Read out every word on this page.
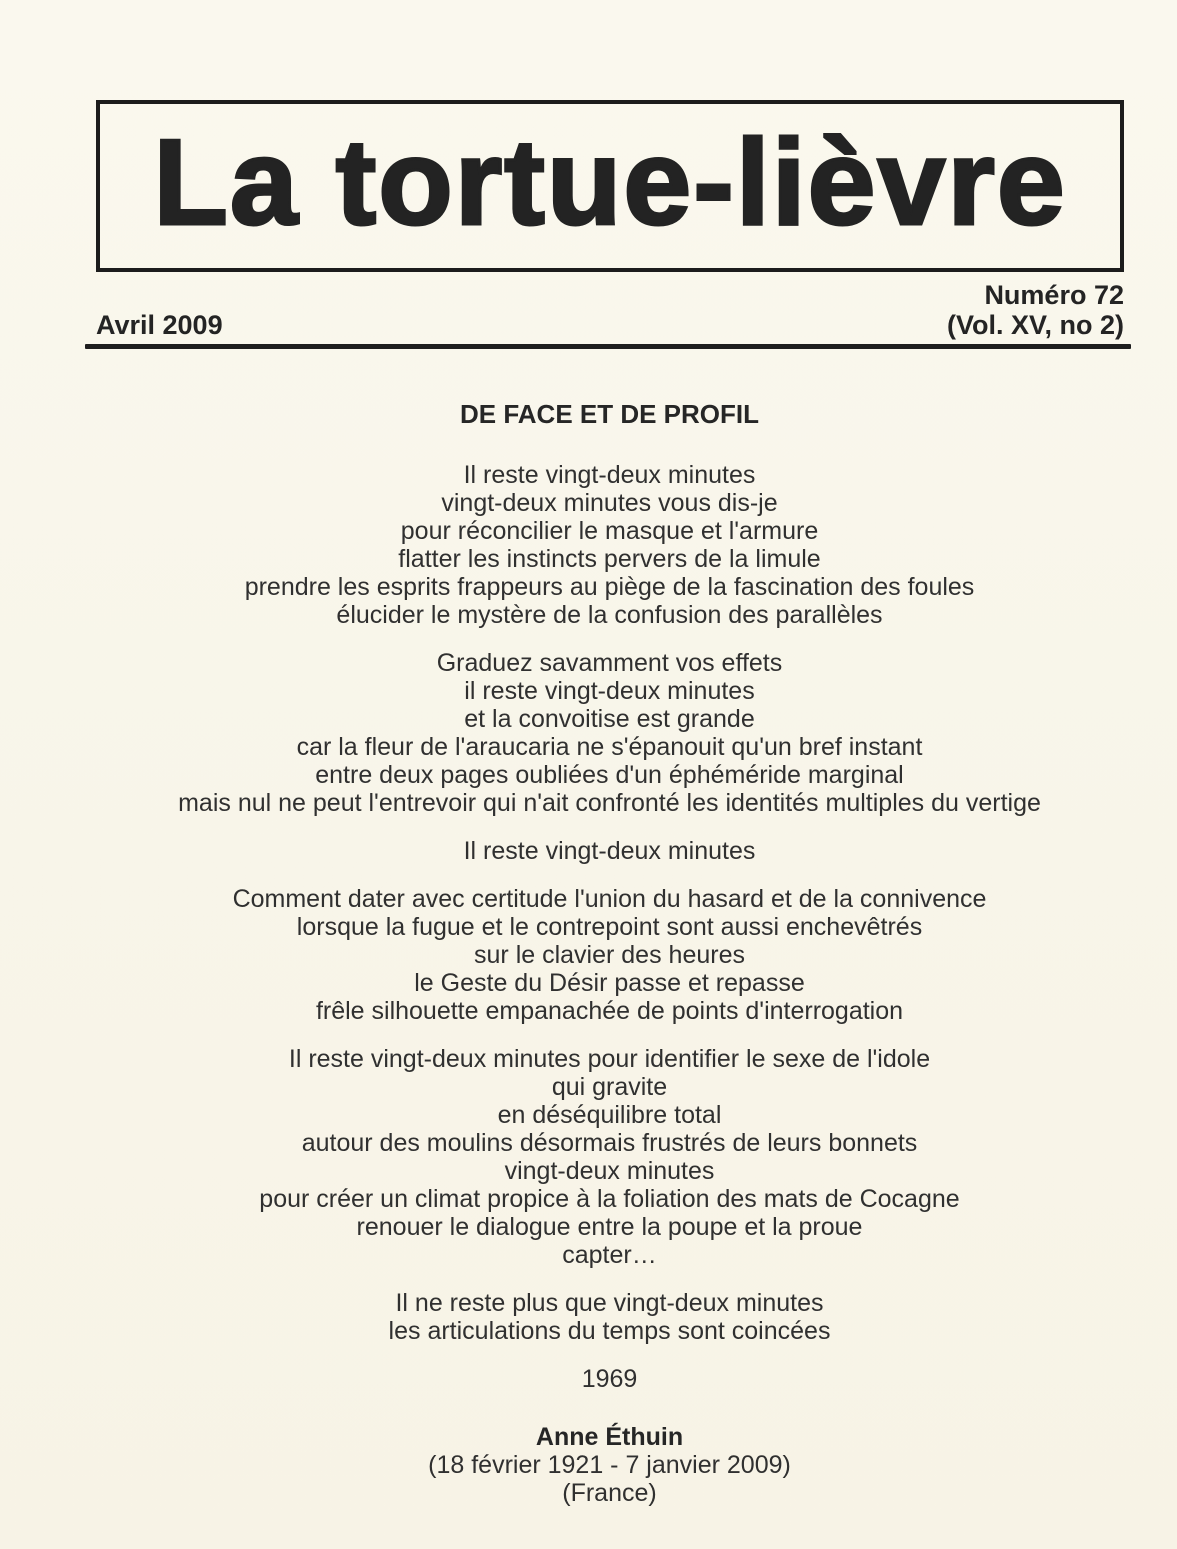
La tortue-lièvre
Avril 2009
Numéro 72
(Vol. XV, no 2)
DE FACE ET DE PROFIL
Il reste vingt-deux minutes
vingt-deux minutes vous dis-je
pour réconcilier le masque et l'armure
flatter les instincts pervers de la limule
prendre les esprits frappeurs au piège de la fascination des foules
élucider le mystère de la confusion des parallèles
Graduez savamment vos effets
il reste vingt-deux minutes
et la convoitise est grande
car la fleur de l'araucaria ne s'épanouit qu'un bref instant
entre deux pages oubliées d'un éphéméride marginal
mais nul ne peut l'entrevoir qui n'ait confronté les identités multiples du vertige
Il reste vingt-deux minutes
Comment dater avec certitude l'union du hasard et de la connivence
lorsque la fugue et le contrepoint sont aussi enchevêtrés
sur le clavier des heures
le Geste du Désir passe et repasse
frêle silhouette empanachée de points d'interrogation
Il reste vingt-deux minutes pour identifier le sexe de l'idole
qui gravite
en déséquilibre total
autour des moulins désormais frustrés de leurs bonnets
vingt-deux minutes
pour créer un climat propice à la foliation des mats de Cocagne
renouer le dialogue entre la poupe et la proue
capter…
Il ne reste plus que vingt-deux minutes
les articulations du temps sont coincées
1969
Anne Éthuin
(18 février 1921 - 7 janvier 2009)
(France)
